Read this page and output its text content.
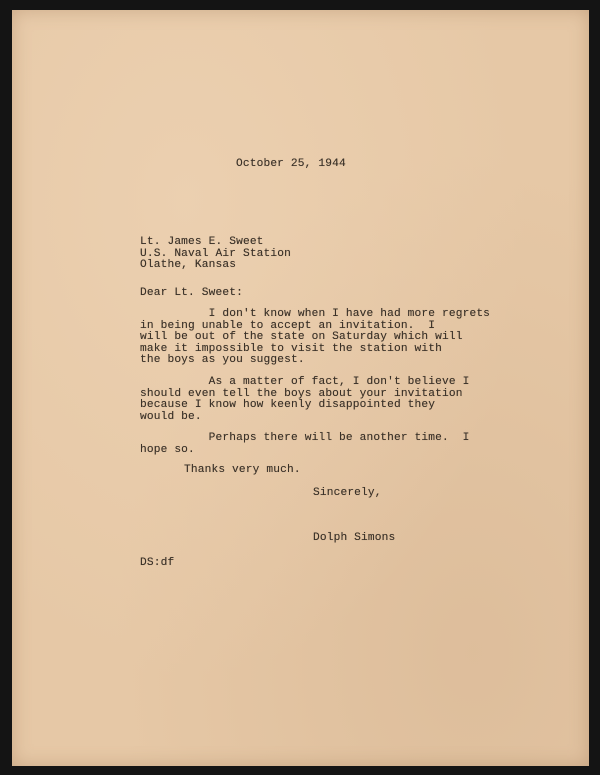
October 25, 1944
Lt. James E. Sweet
U.S. Naval Air Station
Olathe, Kansas
Dear Lt. Sweet:
I don't know when I have had more regrets
in being unable to accept an invitation.  I
will be out of the state on Saturday which will
make it impossible to visit the station with
the boys as you suggest.
As a matter of fact, I don't believe I
should even tell the boys about your invitation
because I know how keenly disappointed they
would be.
Perhaps there will be another time.  I
hope so.
Thanks very much.
Sincerely,
Dolph Simons
DS:df
